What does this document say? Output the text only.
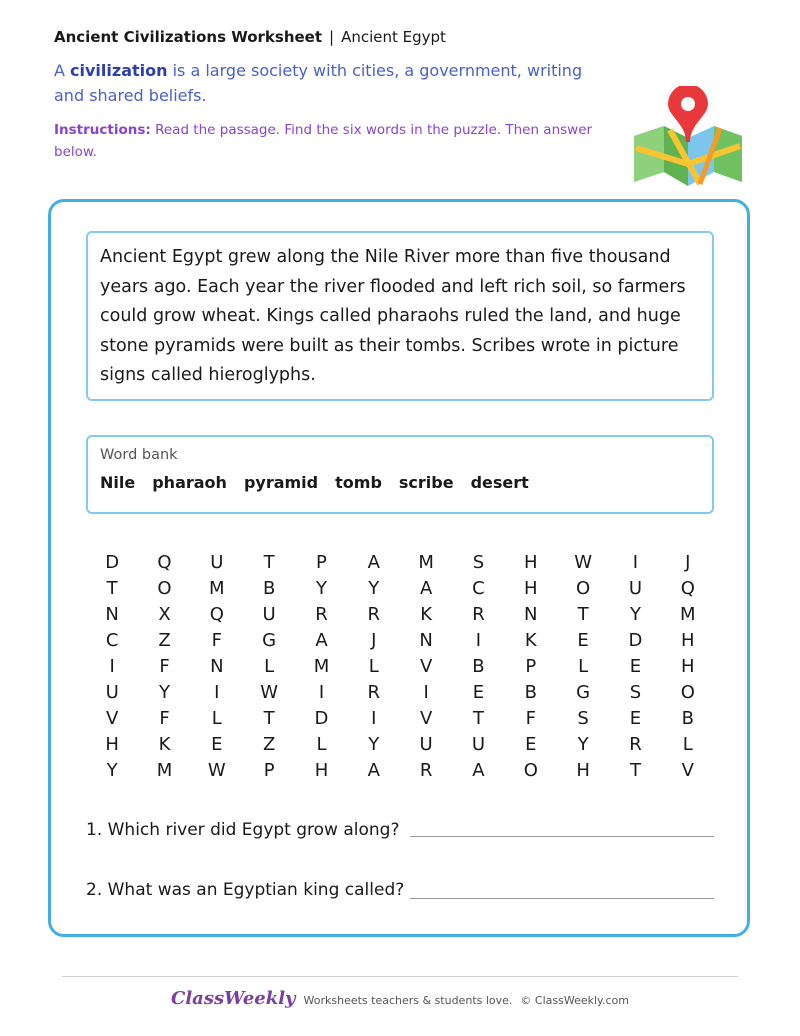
Ancient Civilizations Worksheet | Ancient Egypt
A civilization is a large society with cities, a government, writing and shared beliefs.
Instructions: Read the passage. Find the six words in the puzzle. Then answer below.
Ancient Egypt grew along the Nile River more than five thousand years ago. Each year the river flooded and left rich soil, so farmers could grow wheat. Kings called pharaohs ruled the land, and huge stone pyramids were built as their tombs. Scribes wrote in picture signs called hieroglyphs.
Word bank
Nile pharaoh pyramid tomb scribe desert
D	Q	U	T	P	A	M	S	H	W	I	J
T	O	M	B	Y	Y	A	C	H	O	U	Q
N	X	Q	U	R	R	K	R	N	T	Y	M
C	Z	F	G	A	J	N	I	K	E	D	H
I	F	N	L	M	L	V	B	P	L	E	H
U	Y	I	W	I	R	I	E	B	G	S	O
V	F	L	T	D	I	V	T	F	S	E	B
H	K	E	Z	L	Y	U	U	E	Y	R	L
Y	M	W	P	H	A	R	A	O	H	T	V
1. Which river did Egypt grow along?
2. What was an Egyptian king called?
ClassWeekly Worksheets teachers & students love. © ClassWeekly.com
